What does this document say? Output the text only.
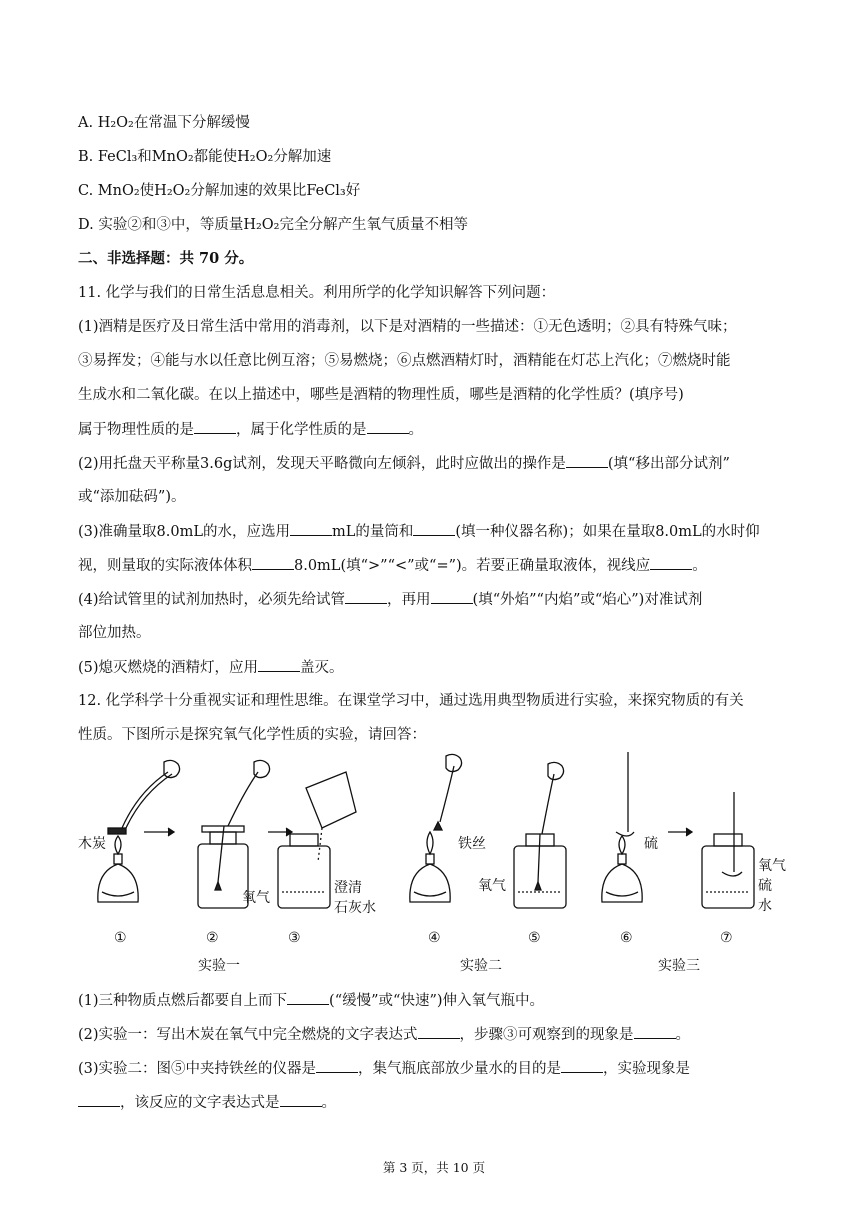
A. H₂O₂在常温下分解缓慢
B. FeCl₃和MnO₂都能使H₂O₂分解加速
C. MnO₂使H₂O₂分解加速的效果比FeCl₃好
D. 实验②和③中，等质量H₂O₂完全分解产生氧气质量不相等
二、非选择题：共 70 分。
11. 化学与我们的日常生活息息相关。利用所学的化学知识解答下列问题：
(1)酒精是医疗及日常生活中常用的消毒剂，以下是对酒精的一些描述：①无色透明；②具有特殊气味；
③易挥发；④能与水以任意比例互溶；⑤易燃烧；⑥点燃酒精灯时，酒精能在灯芯上汽化；⑦燃烧时能
生成水和二氧化碳。在以上描述中，哪些是酒精的物理性质，哪些是酒精的化学性质？(填序号)
属于物理性质的是	，属于化学性质的是	。
(2)用托盘天平称量3.6g试剂，发现天平略微向左倾斜，此时应做出的操作是	(填“移出部分试剂”
或“添加砝码”)。
(3)准确量取8.0mL的水，应选用	mL的量筒和	(填一种仪器名称)；如果在量取8.0mL的水时仰
视，则量取的实际液体体积	8.0mL(填“>”“<”或“=”)。若要正确量取液体，视线应	。
(4)给试管里的试剂加热时，必须先给试管	，再用	(填“外焰”“内焰”或“焰心”)对准试剂
部位加热。
(5)熄灭燃烧的酒精灯，应用	盖灭。
12. 化学科学十分重视实证和理性思维。在课堂学习中，通过选用典型物质进行实验，来探究物质的有关
性质。下图所示是探究氧气化学性质的实验，请回答：
木炭
氧气
澄清
石灰水
铁丝
氧气
硫
氧气
硫
水
①	②	③	④	⑤	⑥	⑦
实验一	实验二	实验三
(1)三种物质点燃后都要自上而下	(“缓慢”或“快速”)伸入氧气瓶中。
(2)实验一：写出木炭在氧气中完全燃烧的文字表达式	，步骤③可观察到的现象是	。
(3)实验二：图⑤中夹持铁丝的仪器是	，集气瓶底部放少量水的目的是	，实验现象是
，该反应的文字表达式是	。
第 3 页，共 10 页
